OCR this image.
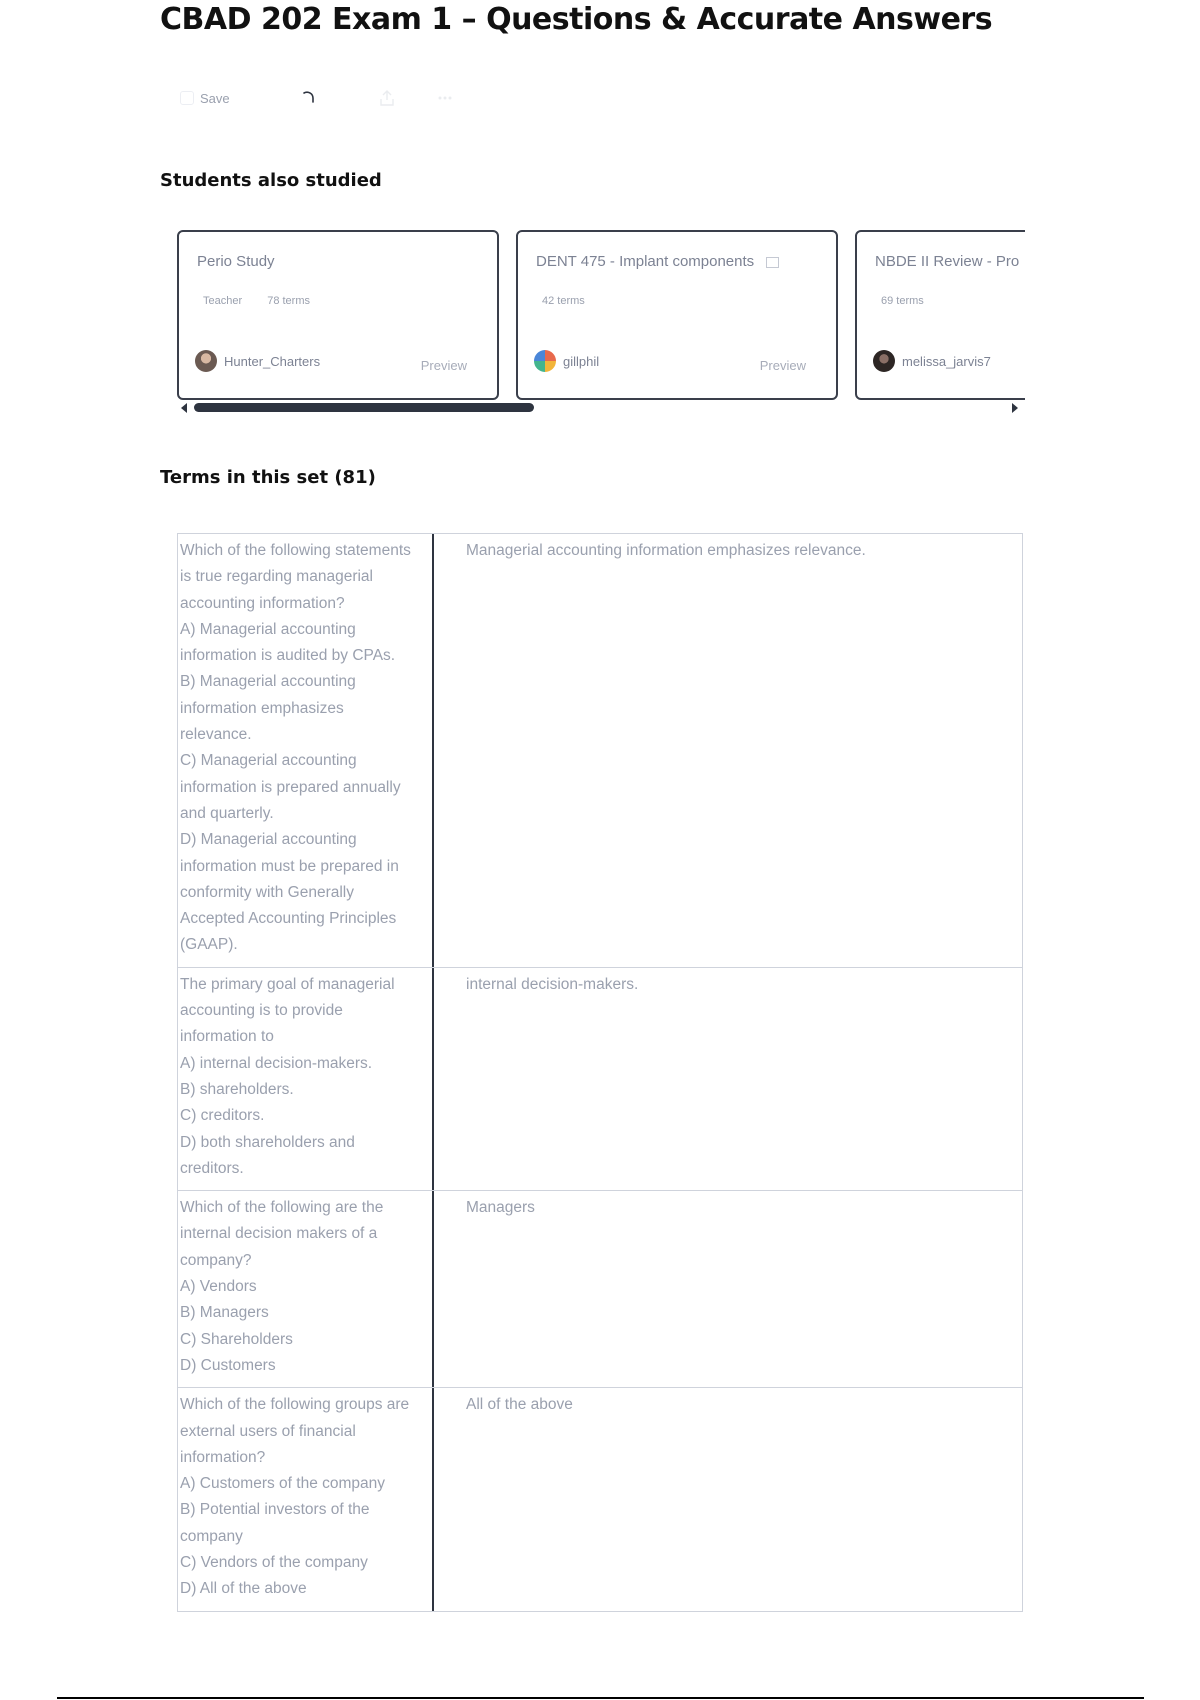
CBAD 202 Exam 1 – Questions & Accurate Answers
Save
Students also studied
Perio Study
Teacher 78 terms
Hunter_Charters	Preview
DENT 475 - Implant components
42 terms
gillphil	Preview
NBDE II Review - Pro
69 terms
melissa_jarvis7
Terms in this set (81)
Which of the following statements is true regarding managerial accounting information?
A) Managerial accounting information is audited by CPAs.
B) Managerial accounting information emphasizes relevance.
C) Managerial accounting information is prepared annually and quarterly.
D) Managerial accounting information must be prepared in conformity with Generally Accepted Accounting Principles (GAAP).
Managerial accounting information emphasizes relevance.
The primary goal of managerial accounting is to provide information to
A) internal decision-makers.
B) shareholders.
C) creditors.
D) both shareholders and creditors.
internal decision-makers.
Which of the following are the internal decision makers of a company?
A) Vendors
B) Managers
C) Shareholders
D) Customers
Managers
Which of the following groups are external users of financial information?
A) Customers of the company
B) Potential investors of the company
C) Vendors of the company
D) All of the above
All of the above
